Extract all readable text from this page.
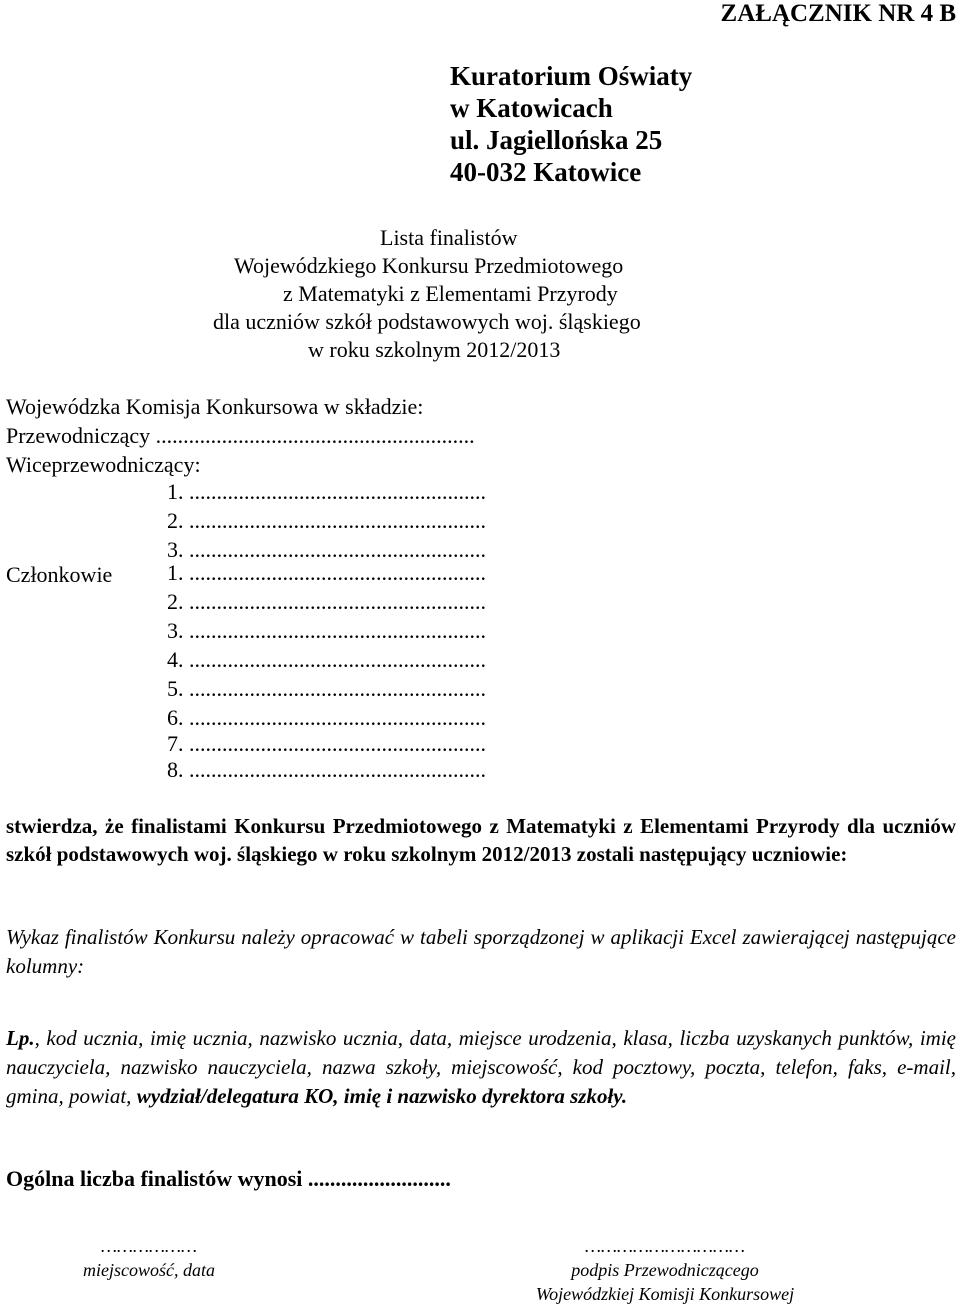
ZAŁĄCZNIK NR 4 B
Kuratorium Oświaty
w Katowicach
ul. Jagiellońska 25
40-032 Katowice
Lista finalistów
Wojewódzkiego Konkursu Przedmiotowego
z Matematyki z Elementami Przyrody
dla uczniów szkół podstawowych woj. śląskiego
w roku szkolnym 2012/2013
Wojewódzka Komisja Konkursowa w składzie:
Przewodniczący ..........................................................
Wiceprzewodniczący:
1. ......................................................
2. ......................................................
3. ......................................................
Członkowie 1. ......................................................
2. ......................................................
3. ......................................................
4. ......................................................
5. ......................................................
6. ......................................................
7. ......................................................
8. ......................................................
stwierdza, że finalistami Konkursu Przedmiotowego z Matematyki z Elementami Przyrody dla uczniów szkół podstawowych woj. śląskiego w roku szkolnym 2012/2013 zostali następujący uczniowie:
Wykaz finalistów Konkursu należy opracować w tabeli sporządzonej w aplikacji Excel zawierającej następujące kolumny:
Lp., kod ucznia, imię ucznia, nazwisko ucznia, data, miejsce urodzenia, klasa, liczba uzyskanych punktów, imię nauczyciela, nazwisko nauczyciela, nazwa szkoły, miejscowość, kod pocztowy, poczta, telefon, faks, e-mail, gmina, powiat, wydział/delegatura KO, imię i nazwisko dyrektora szkoły.
Ogólna liczba finalistów wynosi ..........................
………………
miejscowość, data
…………………………
podpis Przewodniczącego
Wojewódzkiej Komisji Konkursowej
